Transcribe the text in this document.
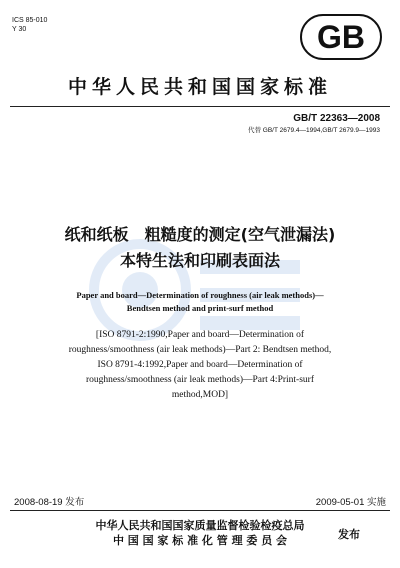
ICS 85-010
Y 30	GB
中华人民共和国国家标准
GB/T 22363—2008
代替 GB/T 2679.4—1994,GB/T 2679.9—1993
纸和纸板　粗糙度的测定(空气泄漏法)
本特生法和印刷表面法
Paper and board—Determination of roughness (air leak methods)—
Bendtsen method and print-surf method
[ISO 8791-2:1990,Paper and board—Determination of
roughness/smoothness (air leak methods)—Part 2: Bendtsen method,
ISO 8791-4:1992,Paper and board—Determination of
roughness/smoothness (air leak methods)—Part 4:Print-surf
method,MOD]
2008-08-19 发布	2009-05-01 实施
中华人民共和国国家质量监督检验检疫总局
中 国 国 家 标 准 化 管 理 委 员 会	发布
